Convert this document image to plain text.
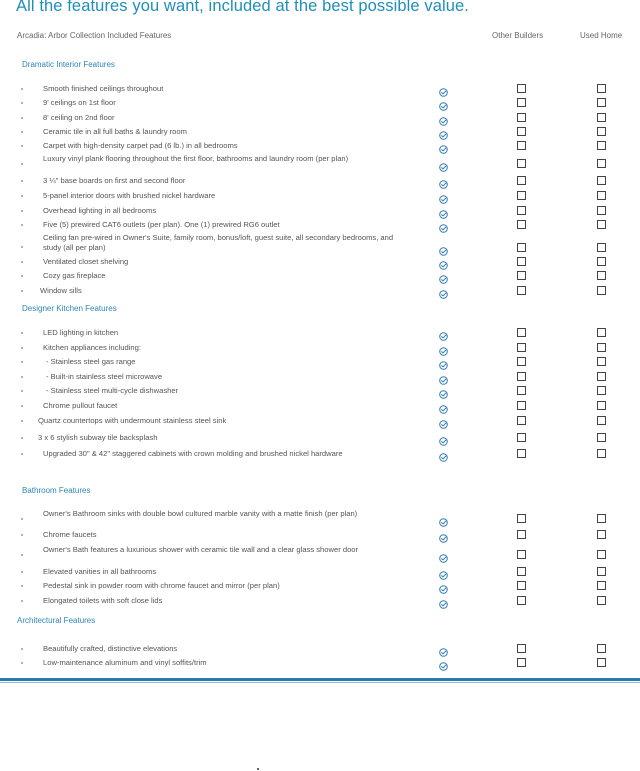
All the features you want, included at the best possible value.
Arcadia: Arbor Collection Included Features	Other Builders	Used Home
Dramatic Interior Features
Smooth finished ceilings throughout
9' ceilings on 1st floor
8' ceiling on 2nd floor
Ceramic tile in all full baths & laundry room
Carpet with high-density carpet pad (6 lb.) in all bedrooms
Luxury vinyl plank flooring throughout the first floor, bathrooms and laundry room (per plan)
3 ¼" base boards on first and second floor
5-panel interior doors with brushed nickel hardware
Overhead lighting in all bedrooms
Five (5) prewired CAT6 outlets (per plan). One (1) prewired RG6 outlet
Ceiling fan pre-wired in Owner's Suite, family room, bonus/loft, guest suite, all secondary bedrooms, and study (all per plan)
Ventilated closet shelving
Cozy gas fireplace
Window sills
Designer Kitchen Features
LED lighting in kitchen
Kitchen appliances including:
- Stainless steel gas range
- Built-in stainless steel microwave
- Stainless steel multi-cycle dishwasher
Chrome pullout faucet
Quartz countertops with undermount stainless steel sink
3 x 6 stylish subway tile backsplash
Upgraded 30" & 42" staggered cabinets with crown molding and brushed nickel hardware
Bathroom Features
Owner's Bathroom sinks with double bowl cultured marble vanity with a matte finish (per plan)
Chrome faucets
Owner's Bath features a luxurious shower with ceramic tile wall and a clear glass shower door
Elevated vanities in all bathrooms
Pedestal sink in powder room with chrome faucet and mirror (per plan)
Elongated toilets with soft close lids
Architectural Features
Beautifully crafted, distinctive elevations
Low-maintenance aluminum and vinyl soffits/trim
